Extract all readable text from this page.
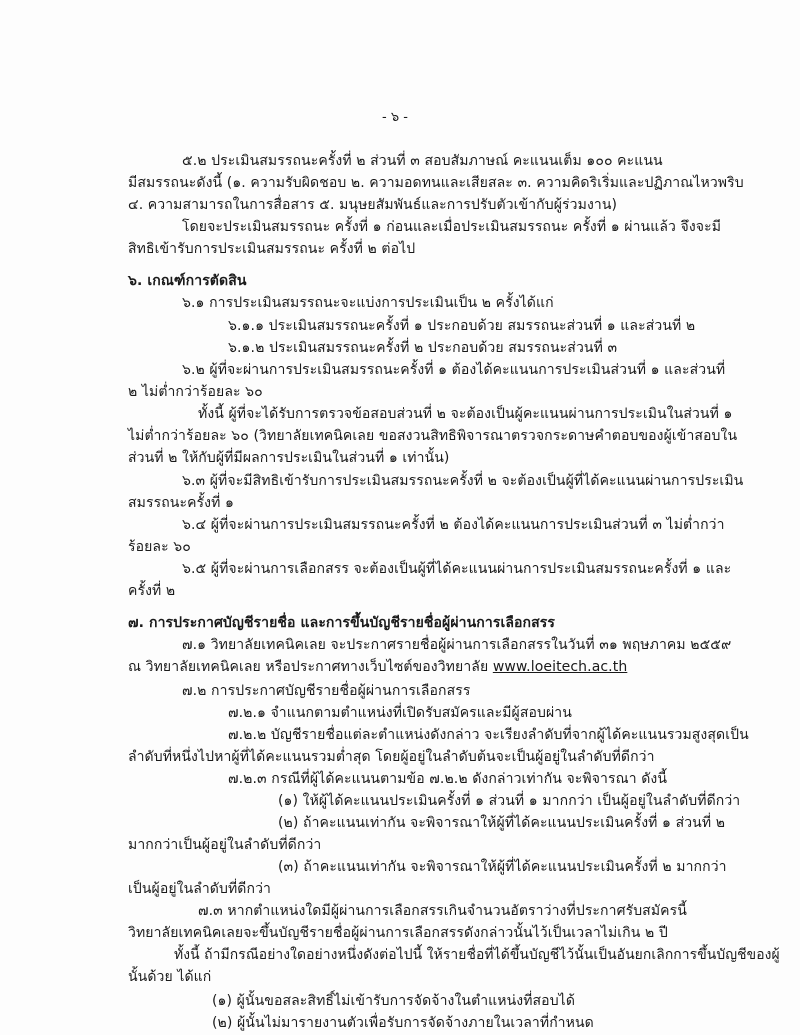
- ๖ -
๕.๒ ประเมินสมรรถนะครั้งที่ ๒ ส่วนที่ ๓ สอบสัมภาษณ์ คะแนนเต็ม ๑๐๐ คะแนน
มีสมรรถนะดังนี้ (๑. ความรับผิดชอบ ๒. ความอดทนและเสียสละ ๓. ความคิดริเริ่มและปฏิภาณไหวพริบ
๔. ความสามารถในการสื่อสาร ๕. มนุษยสัมพันธ์และการปรับตัวเข้ากับผู้ร่วมงาน)
โดยจะประเมินสมรรถนะ ครั้งที่ ๑ ก่อนและเมื่อประเมินสมรรถนะ ครั้งที่ ๑ ผ่านแล้ว จึงจะมี
สิทธิเข้ารับการประเมินสมรรถนะ ครั้งที่ ๒ ต่อไป
๖. เกณฑ์การตัดสิน
๖.๑ การประเมินสมรรถนะจะแบ่งการประเมินเป็น ๒ ครั้งได้แก่
๖.๑.๑ ประเมินสมรรถนะครั้งที่ ๑ ประกอบด้วย สมรรถนะส่วนที่ ๑ และส่วนที่ ๒
๖.๑.๒ ประเมินสมรรถนะครั้งที่ ๒ ประกอบด้วย สมรรถนะส่วนที่ ๓
๖.๒ ผู้ที่จะผ่านการประเมินสมรรถนะครั้งที่ ๑ ต้องได้คะแนนการประเมินส่วนที่ ๑ และส่วนที่
๒ ไม่ต่ำกว่าร้อยละ ๖๐
ทั้งนี้ ผู้ที่จะได้รับการตรวจข้อสอบส่วนที่ ๒ จะต้องเป็นผู้คะแนนผ่านการประเมินในส่วนที่ ๑
ไม่ต่ำกว่าร้อยละ ๖๐ (วิทยาลัยเทคนิคเลย ขอสงวนสิทธิพิจารณาตรวจกระดาษคำตอบของผู้เข้าสอบใน
ส่วนที่ ๒ ให้กับผู้ที่มีผลการประเมินในส่วนที่ ๑ เท่านั้น)
๖.๓ ผู้ที่จะมีสิทธิเข้ารับการประเมินสมรรถนะครั้งที่ ๒ จะต้องเป็นผู้ที่ได้คะแนนผ่านการประเมิน
สมรรถนะครั้งที่ ๑
๖.๔ ผู้ที่จะผ่านการประเมินสมรรถนะครั้งที่ ๒ ต้องได้คะแนนการประเมินส่วนที่ ๓ ไม่ต่ำกว่า
ร้อยละ ๖๐
๖.๕ ผู้ที่จะผ่านการเลือกสรร จะต้องเป็นผู้ที่ได้คะแนนผ่านการประเมินสมรรถนะครั้งที่ ๑ และ
ครั้งที่ ๒
๗. การประกาศบัญชีรายชื่อ และการขึ้นบัญชีรายชื่อผู้ผ่านการเลือกสรร
๗.๑ วิทยาลัยเทคนิคเลย จะประกาศรายชื่อผู้ผ่านการเลือกสรรในวันที่ ๓๑ พฤษภาคม ๒๕๕๙
ณ วิทยาลัยเทคนิคเลย หรือประกาศทางเว็บไซต์ของวิทยาลัย www.loeitech.ac.th
๗.๒ การประกาศบัญชีรายชื่อผู้ผ่านการเลือกสรร
๗.๒.๑ จำแนกตามตำแหน่งที่เปิดรับสมัครและมีผู้สอบผ่าน
๗.๒.๒ บัญชีรายชื่อแต่ละตำแหน่งดังกล่าว จะเรียงลำดับที่จากผู้ได้คะแนนรวมสูงสุดเป็น
ลำดับที่หนึ่งไปหาผู้ที่ได้คะแนนรวมต่ำสุด โดยผู้อยู่ในลำดับต้นจะเป็นผู้อยู่ในลำดับที่ดีกว่า
๗.๒.๓ กรณีที่ผู้ได้คะแนนตามข้อ ๗.๒.๒ ดังกล่าวเท่ากัน จะพิจารณา ดังนี้
(๑) ให้ผู้ได้คะแนนประเมินครั้งที่ ๑ ส่วนที่ ๑ มากกว่า เป็นผู้อยู่ในลำดับที่ดีกว่า
(๒) ถ้าคะแนนเท่ากัน จะพิจารณาให้ผู้ที่ได้คะแนนประเมินครั้งที่ ๑ ส่วนที่ ๒
มากกว่าเป็นผู้อยู่ในลำดับที่ดีกว่า
(๓) ถ้าคะแนนเท่ากัน จะพิจารณาให้ผู้ที่ได้คะแนนประเมินครั้งที่ ๒ มากกว่า
เป็นผู้อยู่ในลำดับที่ดีกว่า
๗.๓ หากตำแหน่งใดมีผู้ผ่านการเลือกสรรเกินจำนวนอัตราว่างที่ประกาศรับสมัครนี้
วิทยาลัยเทคนิคเลยจะขึ้นบัญชีรายชื่อผู้ผ่านการเลือกสรรดังกล่าวนั้นไว้เป็นเวลาไม่เกิน ๒ ปี
ทั้งนี้ ถ้ามีกรณีอย่างใดอย่างหนึ่งดังต่อไปนี้ ให้รายชื่อที่ได้ขึ้นบัญชีไว้นั้นเป็นอันยกเลิกการขึ้นบัญชีของผู้
นั้นด้วย ได้แก่
(๑) ผู้นั้นขอสละสิทธิ์ไม่เข้ารับการจัดจ้างในตำแหน่งที่สอบได้
(๒) ผู้นั้นไม่มารายงานตัวเพื่อรับการจัดจ้างภายในเวลาที่กำหนด
